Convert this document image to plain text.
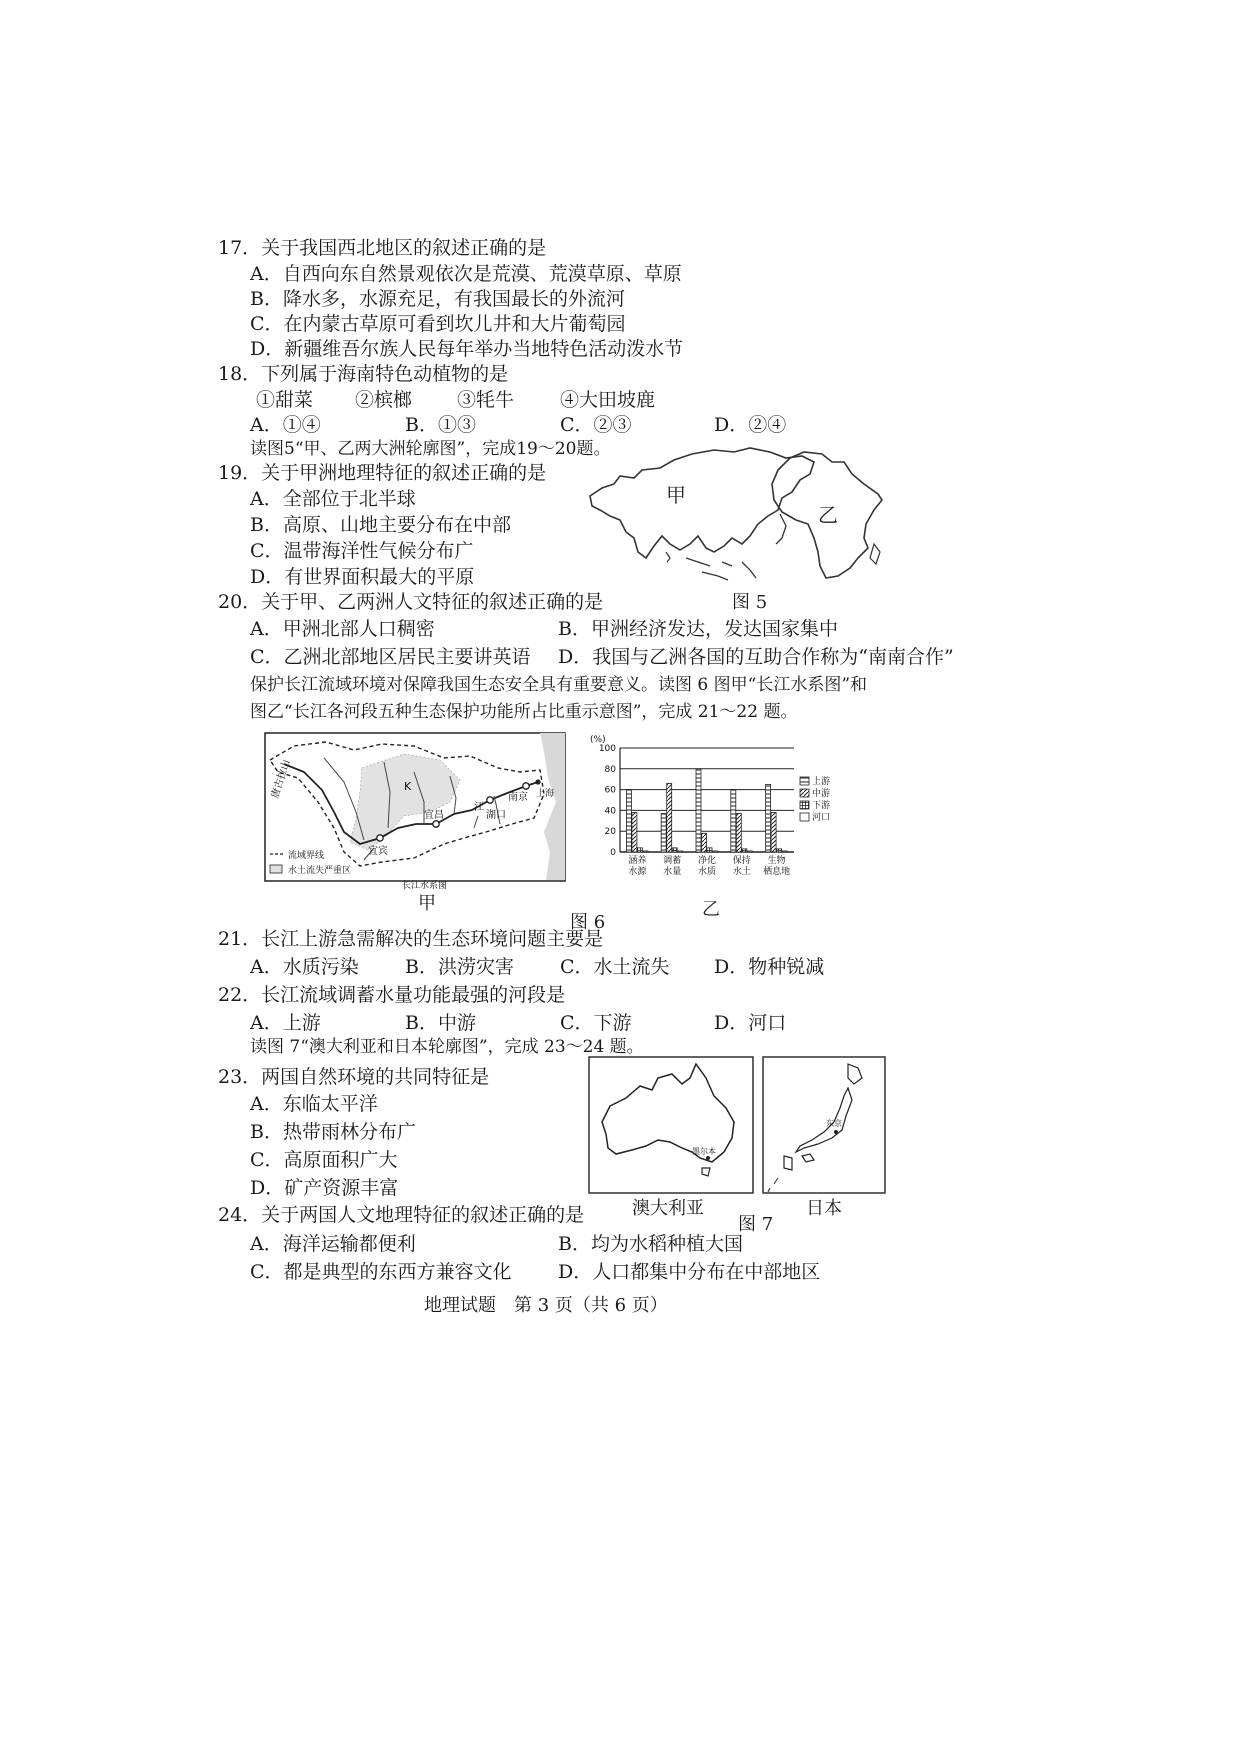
17．关于我国西北地区的叙述正确的是
A．自西向东自然景观依次是荒漠、荒漠草原、草原
B．降水多，水源充足，有我国最长的外流河
C．在内蒙古草原可看到坎儿井和大片葡萄园
D．新疆维吾尔族人民每年举办当地特色活动泼水节
18．下列属于海南特色动植物的是
①甜菜 ②槟榔 ③牦牛 ④大田坡鹿
A．①④	B．①③	C．②③	D．②④
读图5“甲、乙两大洲轮廓图”，完成19～20题。
19．关于甲洲地理特征的叙述正确的是
A．全部位于北半球
B．高原、山地主要分布在中部
C．温带海洋性气候分布广
D．有世界面积最大的平原
甲
乙
图 5
20．关于甲、乙两洲人文特征的叙述正确的是
A．甲洲北部人口稠密	B．甲洲经济发达，发达国家集中
C．乙洲北部地区居民主要讲英语 D．我国与乙洲各国的互助合作称为“南南合作”
保护长江流域环境对保障我国生态安全具有重要意义。读图 6 图甲“长江水系图”和
图乙“长江各河段五种生态保护功能所占比重示意图”，完成 21～22 题。
唐古拉山
宜宾
宜昌	湖口
南京 上海
K
江
流域界线
水土流失严重区
长江水系图
甲
(%)
0
20
40
60
80
100
涵养
水源
调蓄
水量
净化
水质
保持
水土
生物
栖息地
上游
中游
下游
河口
乙
图 6
21．长江上游急需解决的生态环境问题主要是
A．水质污染 B．洪涝灾害 C．水土流失 D．物种锐减
22．长江流域调蓄水量功能最强的河段是
A．上游	B．中游	C．下游	D．河口
读图 7“澳大利亚和日本轮廓图”，完成 23～24 题。
23．两国自然环境的共同特征是
A．东临太平洋
B．热带雨林分布广
C．高原面积广大
D．矿产资源丰富
墨尔本
东京
澳大利亚	日本
图 7
24．关于两国人文地理特征的叙述正确的是
A．海洋运输都便利	B．均为水稻种植大国
C．都是典型的东西方兼容文化 D．人口都集中分布在中部地区
地理试题　第 3 页（共 6 页）
